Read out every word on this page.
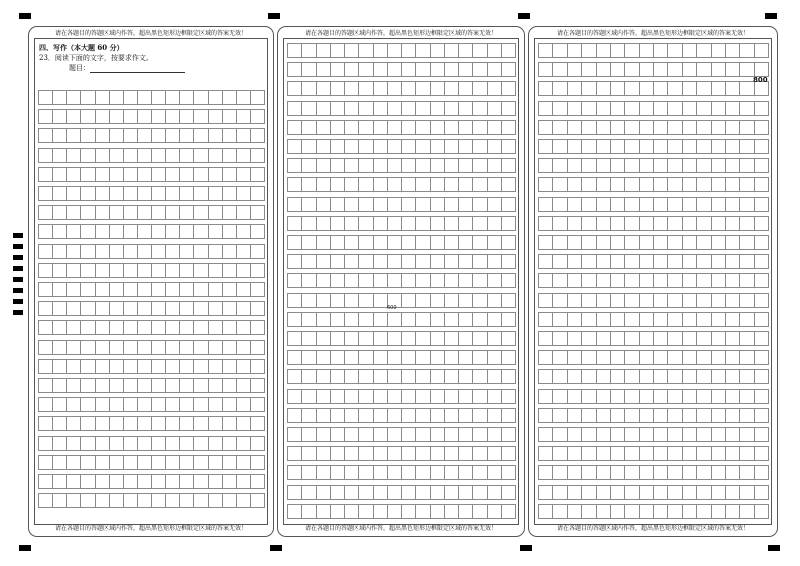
请在各题目的答题区域内作答，超出黑色矩形边框限定区域的答案无效！
四、写作（本大题 60 分）
23．阅读下面的文字，按要求作文。
题目：
请在各题目的答题区域内作答，超出黑色矩形边框限定区域的答案无效！
请在各题目的答题区域内作答，超出黑色矩形边框限定区域的答案无效！
600
请在各题目的答题区域内作答，超出黑色矩形边框限定区域的答案无效！
请在各题目的答题区域内作答，超出黑色矩形边框限定区域的答案无效！
800
请在各题目的答题区域内作答，超出黑色矩形边框限定区域的答案无效！
